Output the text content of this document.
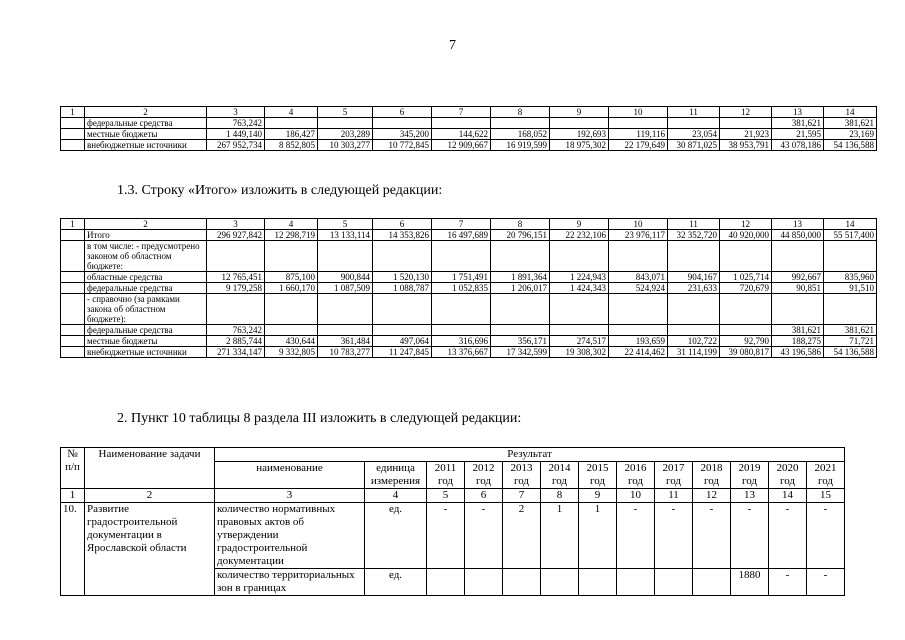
7
1	2	3	4	5	6	7	8	9	10	11	12	13	14
	федеральные средства	763,242										381,621	381,621
	местные бюджеты	1 449,140	186,427	203,289	345,200	144,622	168,052	192,693	119,116	23,054	21,923	21,595	23,169
	внебюджетные источники	267 952,734	8 852,805	10 303,277	10 772,845	12 909,667	16 919,599	18 975,302	22 179,649	30 871,025	38 953,791	43 078,186	54 136,588
1.3. Строку «Итого» изложить в следующей редакции:
1	2	3	4	5	6	7	8	9	10	11	12	13	14
	Итого	296 927,842	12 298,719	13 133,114	14 353,826	16 497,689	20 796,151	22 232,106	23 976,117	32 352,720	40 920,000	44 850,000	55 517,400
	в том числе: - предусмотрено законом об областном бюджете:												
	областные средства	12 765,451	875,100	900,844	1 520,130	1 751,491	1 891,364	1 224,943	843,071	904,167	1 025,714	992,667	835,960
	федеральные средства	9 179,258	1 660,170	1 087,509	1 088,787	1 052,835	1 206,017	1 424,343	524,924	231,633	720,679	90,851	91,510
	- справочно (за рамками закона об областном бюджете):												
	федеральные средства	763,242										381,621	381,621
	местные бюджеты	2 885,744	430,644	361,484	497,064	316,696	356,171	274,517	193,659	102,722	92,790	188,275	71,721
	внебюджетные источники	271 334,147	9 332,805	10 783,277	11 247,845	13 376,667	17 342,599	19 308,302	22 414,462	31 114,199	39 080,817	43 196,586	54 136,588
2. Пункт 10 таблицы 8 раздела III изложить в следующей редакции:
№ п/п	Наименование задачи	Результат												
		наименование	единица измерения	2011 год	2012 год	2013 год	2014 год	2015 год	2016 год	2017 год	2018 год	2019 год	2020 год	2021 год
1	2	3	4	5	6	7	8	9	10	11	12	13	14	15
10.	Развитие градостроительной документации в Ярославской области	количество нормативных правовых актов об утверждении градостроительной документации	ед.	-	-	2	1	1	-	-	-	-	-	-
		количество территориальных зон в границах	ед.									1880	-	-
